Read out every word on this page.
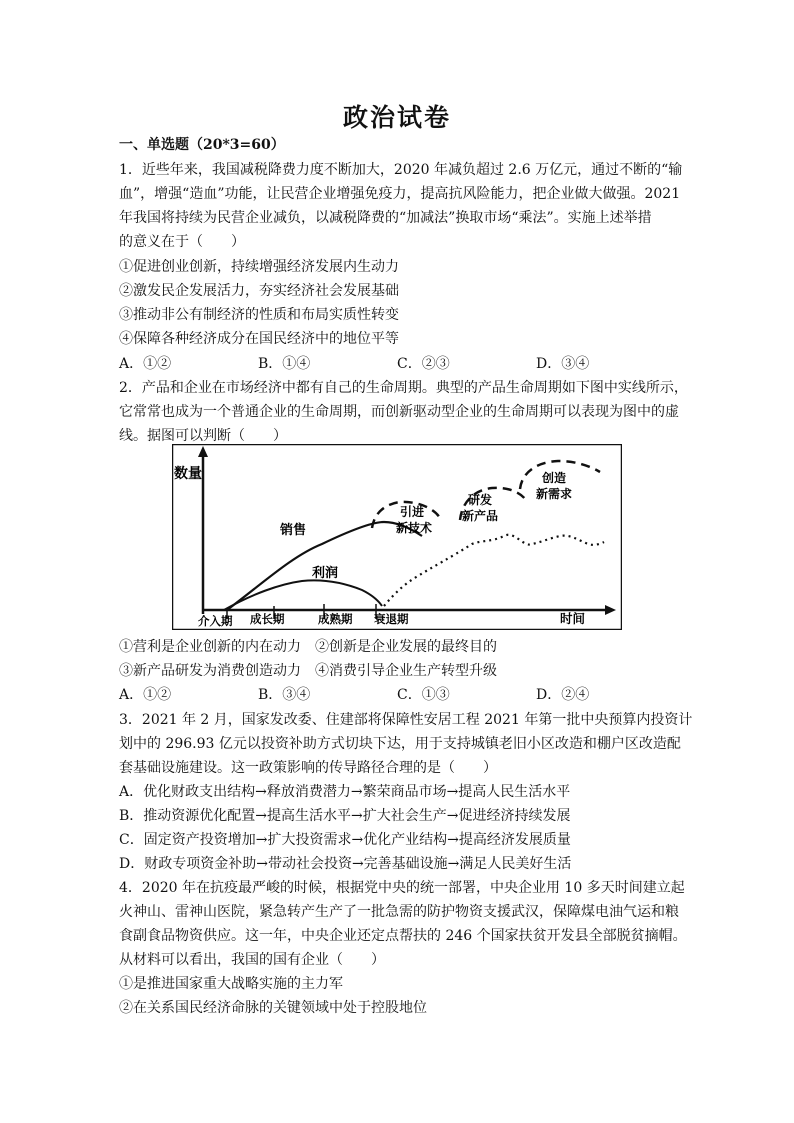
政治试卷
一、单选题（20*3=60）
1．近些年来，我国减税降费力度不断加大，2020 年减负超过 2.6 万亿元，通过不断的“输
血”，增强“造血”功能，让民营企业增强免疫力，提高抗风险能力，把企业做大做强。2021
年我国将持续为民营企业减负，以减税降费的“加减法”换取市场“乘法”。实施上述举措
的意义在于（　　）
①促进创业创新，持续增强经济发展内生动力
②激发民企发展活力，夯实经济社会发展基础
③推动非公有制经济的性质和布局实质性转变
④保障各种经济成分在国民经济中的地位平等
A．①②	B．①④	C．②③	D．③④
2．产品和企业在市场经济中都有自己的生命周期。典型的产品生命周期如下图中实线所示，
它常常也成为一个普通企业的生命周期，而创新驱动型企业的生命周期可以表现为图中的虚
线。据图可以判断（　　）
数量
销售
利润
引进
新技术
研发
新产品
创造
新需求
介入期 成长期	成熟期 衰退期	时间
①营利是企业创新的内在动力　②创新是企业发展的最终目的
③新产品研发为消费创造动力　④消费引导企业生产转型升级
A．①②	B．③④	C．①③	D．②④
3．2021 年 2 月，国家发改委、住建部将保障性安居工程 2021 年第一批中央预算内投资计
划中的 296.93 亿元以投资补助方式切块下达，用于支持城镇老旧小区改造和棚户区改造配
套基础设施建设。这一政策影响的传导路径合理的是（　　）
A．优化财政支出结构→释放消费潜力→繁荣商品市场→提高人民生活水平
B．推动资源优化配置→提高生活水平→扩大社会生产→促进经济持续发展
C．固定资产投资增加→扩大投资需求→优化产业结构→提高经济发展质量
D．财政专项资金补助→带动社会投资→完善基础设施→满足人民美好生活
4．2020 年在抗疫最严峻的时候，根据党中央的统一部署，中央企业用 10 多天时间建立起
火神山、雷神山医院，紧急转产生产了一批急需的防护物资支援武汉，保障煤电油气运和粮
食副食品物资供应。这一年，中央企业还定点帮扶的 246 个国家扶贫开发县全部脱贫摘帽。
从材料可以看出，我国的国有企业（　　）
①是推进国家重大战略实施的主力军
②在关系国民经济命脉的关键领域中处于控股地位
